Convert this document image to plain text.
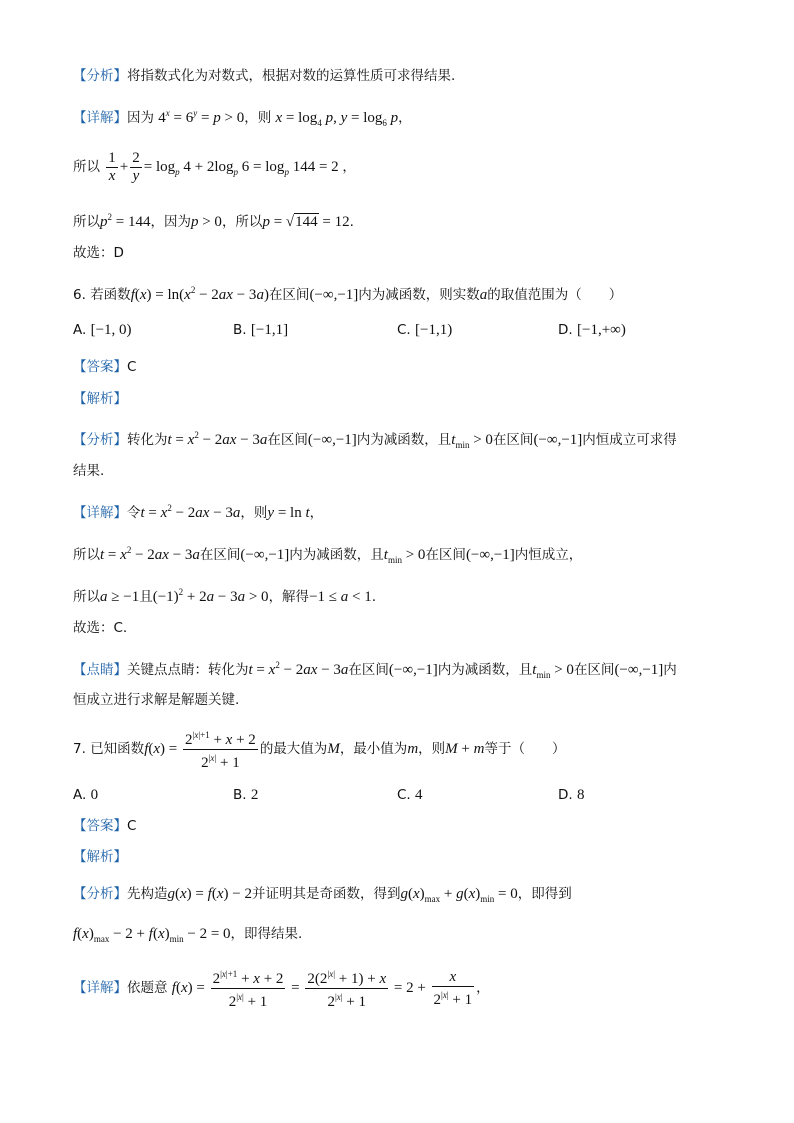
【分析】将指数式化为对数式，根据对数的运算性质可求得结果.
【详解】因为 $4^x = 6^y = p > 0$，则 $x = \log_4 p$, $y = \log_6 p$，
所以 $\frac{1}{x} + \frac{2}{y} = \log_p 4 + 2\log_p$ $6 = \log_p 144 = 2$ ，
所以$p^2 = 144$，因为p > 0，所以p = √144 = 12.
故选：D
6. 若函数$f(x) = \ln(x^2 - 2ax - 3a)$在区间(−∞,−1]内为减函数，则实数a的取值范围为（　　）
A. [−1, 0)	B. [−1,1]	C. [−1,1)	D. [−1,+∞)
【答案】C
【解析】
【分析】转化为$t = x^2 - 2ax - 3a$在区间(−∞,−1]内为减函数，且$t_{min} > 0$在区间(−∞,−1]内恒成立可求得
结果.
【详解】令$t = x^2 - 2ax - 3a$，则y = ln t，
所以$t = x^2 - 2ax - 3a$在区间(−∞,−1]内为减函数，且$t_{min} > 0$在区间(−∞,−1]内恒成立，
所以a ≥ −1且$(-1)^2 + 2a - 3a > 0$，解得−1 ≤ a < 1.
故选：C.
【点睛】关键点点睛：转化为$t = x^2 - 2ax - 3a$在区间(−∞,−1]内为减函数，且$t_{min} > 0$在区间(−∞,−1]内
恒成立进行求解是解题关键.
7. 已知函数$f(x) = \frac{2^{|x|+1} + x + 2}{2^{|x|} + 1}$ 的最大值为M，最小值为m，则M + m等于（　　）
A. 0	B. 2	C. 4	D. 8
【答案】C
【解析】
【分析】先构造g(x) = f(x) − 2并证明其是奇函数，得到$g(x)_{max} + g(x)_{min} = 0$，即得到
$f(x)_{max} - 2 + f(x)_{min} - 2 = 0$，即得结果.
【详解】依题意 $f(x) = \frac{2^{|x|+1} + x + 2}{2^{|x|} + 1} = \frac{2(2^{|x|} + 1) + x}{2^{|x|} + 1} = 2 + \frac{x}{2^{|x|} + 1}$ ，
